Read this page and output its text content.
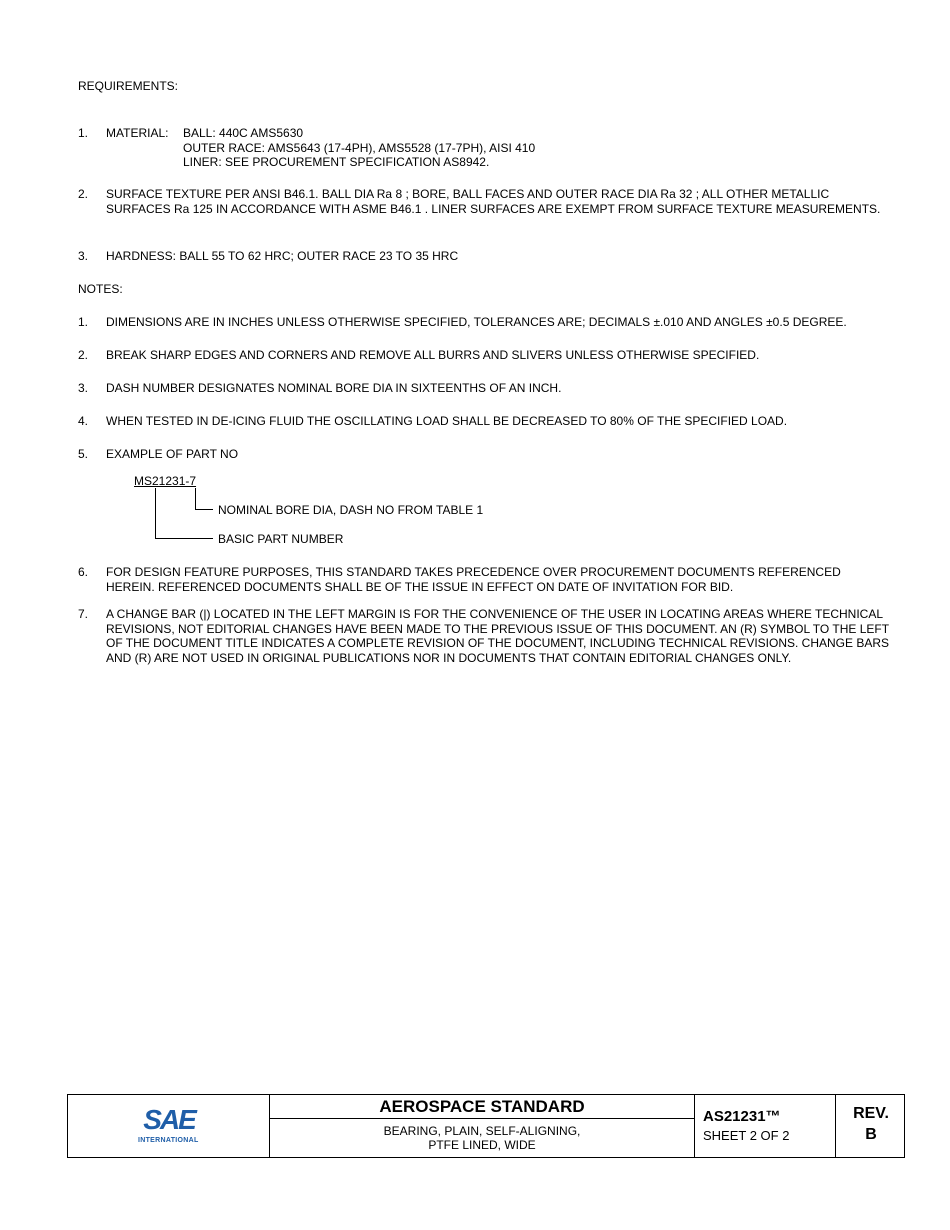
REQUIREMENTS:
1. MATERIAL: BALL: 440C AMS5630
OUTER RACE: AMS5643 (17-4PH), AMS5528 (17-7PH), AISI 410
LINER: SEE PROCUREMENT SPECIFICATION AS8942.
2. SURFACE TEXTURE PER ANSI B46.1. BALL DIA Ra 8 ; BORE, BALL FACES AND OUTER RACE DIA Ra 32 ; ALL OTHER METALLIC SURFACES Ra 125 IN ACCORDANCE WITH ASME B46.1 . LINER SURFACES ARE EXEMPT FROM SURFACE TEXTURE MEASUREMENTS.
3. HARDNESS: BALL 55 TO 62 HRC; OUTER RACE 23 TO 35 HRC
NOTES:
1. DIMENSIONS ARE IN INCHES UNLESS OTHERWISE SPECIFIED, TOLERANCES ARE; DECIMALS ±.010 AND ANGLES ±0.5 DEGREE.
2. BREAK SHARP EDGES AND CORNERS AND REMOVE ALL BURRS AND SLIVERS UNLESS OTHERWISE SPECIFIED.
3. DASH NUMBER DESIGNATES NOMINAL BORE DIA IN SIXTEENTHS OF AN INCH.
4. WHEN TESTED IN DE-ICING FLUID THE OSCILLATING LOAD SHALL BE DECREASED TO 80% OF THE SPECIFIED LOAD.
5. EXAMPLE OF PART NO
MS21231-7
NOMINAL BORE DIA, DASH NO FROM TABLE 1
BASIC PART NUMBER
6. FOR DESIGN FEATURE PURPOSES, THIS STANDARD TAKES PRECEDENCE OVER PROCUREMENT DOCUMENTS REFERENCED HEREIN. REFERENCED DOCUMENTS SHALL BE OF THE ISSUE IN EFFECT ON DATE OF INVITATION FOR BID.
7. A CHANGE BAR (|) LOCATED IN THE LEFT MARGIN IS FOR THE CONVENIENCE OF THE USER IN LOCATING AREAS WHERE TECHNICAL REVISIONS, NOT EDITORIAL CHANGES HAVE BEEN MADE TO THE PREVIOUS ISSUE OF THIS DOCUMENT. AN (R) SYMBOL TO THE LEFT OF THE DOCUMENT TITLE INDICATES A COMPLETE REVISION OF THE DOCUMENT, INCLUDING TECHNICAL REVISIONS. CHANGE BARS AND (R) ARE NOT USED IN ORIGINAL PUBLICATIONS NOR IN DOCUMENTS THAT CONTAIN EDITORIAL CHANGES ONLY.
SAE
INTERNATIONAL
AEROSPACE STANDARD
BEARING, PLAIN, SELF-ALIGNING,
PTFE LINED, WIDE
AS21231™
SHEET 2 OF 2
REV.
B
